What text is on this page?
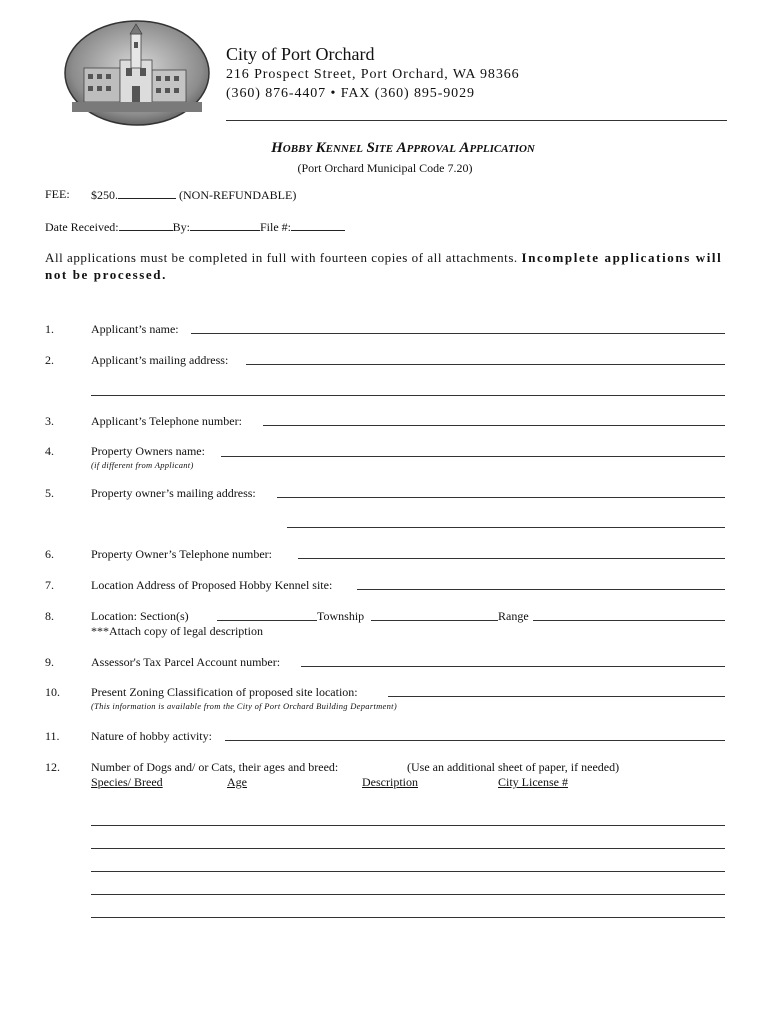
City of Port Orchard
216 Prospect Street, Port Orchard, WA 98366
(360) 876-4407 • FAX (360) 895-9029
HOBBY KENNEL SITE APPROVAL APPLICATION
(Port Orchard Municipal Code 7.20)
FEE: $250.	(NON-REFUNDABLE)
Date Received:	By:	File #:
All applications must be completed in full with fourteen copies of all attachments. Incomplete applications will not be processed.
1.	Applicant’s name:
2.	Applicant’s mailing address:
3.	Applicant’s Telephone number:
4.	Property Owners name:
(if different from Applicant)
5.	Property owner’s mailing address:
6.	Property Owner’s Telephone number:
7.	Location Address of Proposed Hobby Kennel site:
8.	Location: Section(s)	Township	Range
***Attach copy of legal description
9.	Assessor's Tax Parcel Account number:
10.	Present Zoning Classification of proposed site location:
(This information is available from the City of Port Orchard Building Department)
11.	Nature of hobby activity:
12.	Number of Dogs and/ or Cats, their ages and breed:	(Use an additional sheet of paper, if needed)
Species/ Breed	Age	Description	City License #
